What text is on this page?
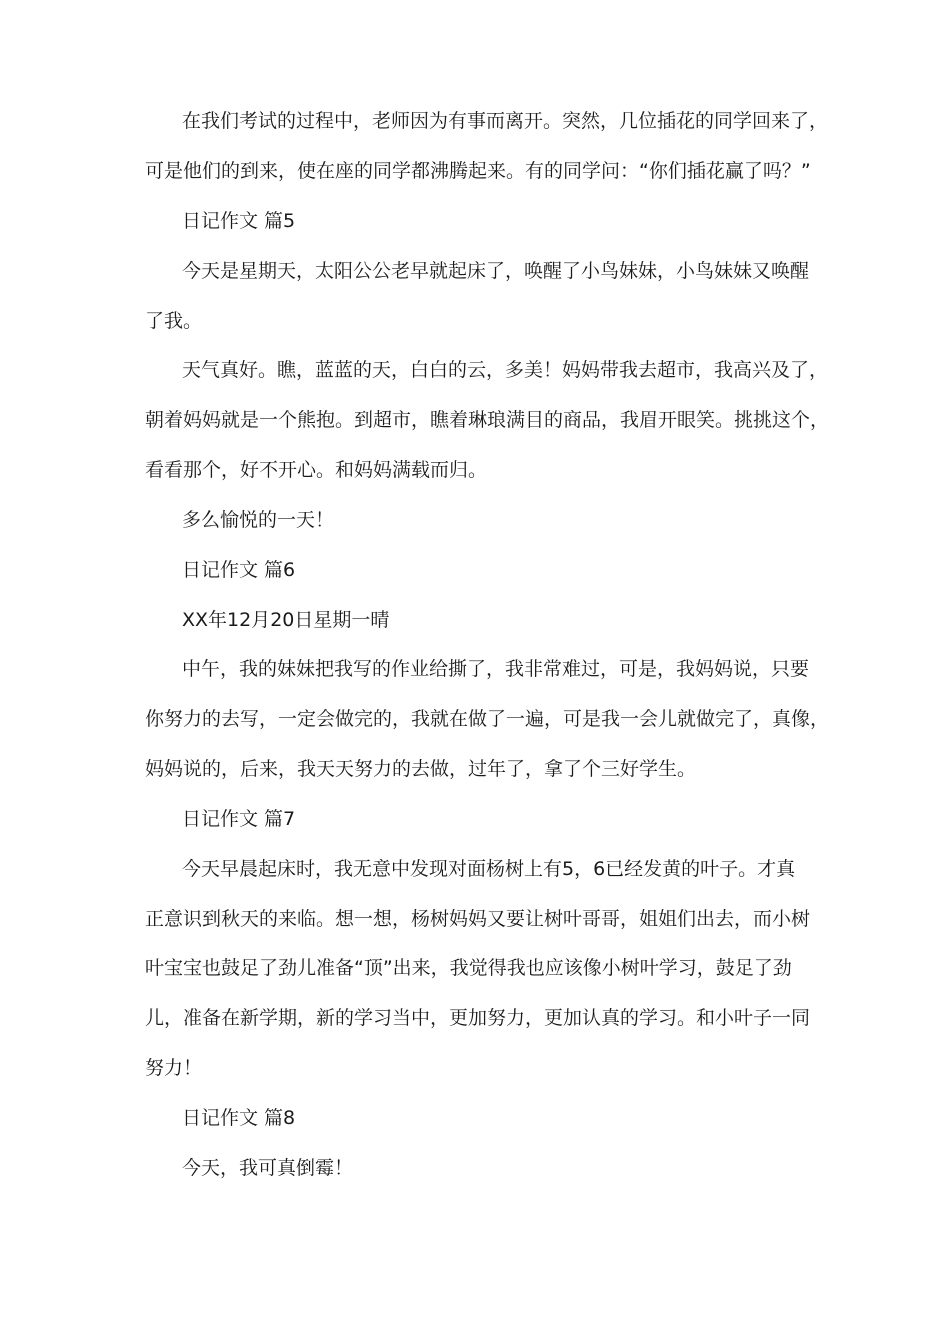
在我们考试的过程中，老师因为有事而离开。突然，几位插花的同学回来了，
可是他们的到来，使在座的同学都沸腾起来。有的同学问：“你们插花赢了吗？”
日记作文 篇5
今天是星期天，太阳公公老早就起床了，唤醒了小鸟妹妹，小鸟妹妹又唤醒
了我。
天气真好。瞧，蓝蓝的天，白白的云，多美！妈妈带我去超市，我高兴及了，
朝着妈妈就是一个熊抱。到超市，瞧着琳琅满目的商品，我眉开眼笑。挑挑这个，
看看那个，好不开心。和妈妈满载而归。
多么愉悦的一天！
日记作文 篇6
XX年12月20日星期一晴
中午，我的妹妹把我写的作业给撕了，我非常难过，可是，我妈妈说，只要
你努力的去写，一定会做完的，我就在做了一遍，可是我一会儿就做完了，真像，
妈妈说的，后来，我天天努力的去做，过年了，拿了个三好学生。
日记作文 篇7
今天早晨起床时，我无意中发现对面杨树上有5，6已经发黄的叶子。才真
正意识到秋天的来临。想一想，杨树妈妈又要让树叶哥哥，姐姐们出去，而小树
叶宝宝也鼓足了劲儿准备“顶”出来，我觉得我也应该像小树叶学习，鼓足了劲
儿，准备在新学期，新的学习当中，更加努力，更加认真的学习。和小叶子一同
努力！
日记作文 篇8
今天，我可真倒霉！
